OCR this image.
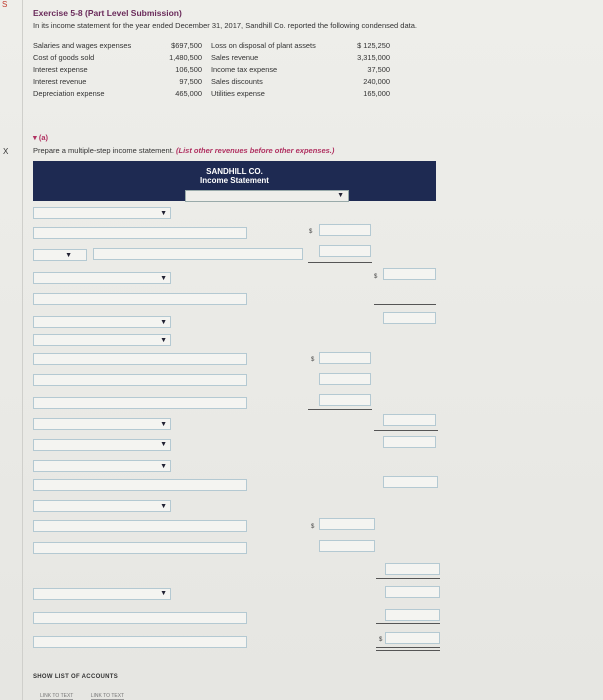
S
X
Exercise 5-8 (Part Level Submission)
In its income statement for the year ended December 31, 2017, Sandhill Co. reported the following condensed data.
Salaries and wages expenses
Cost of goods sold
Interest expense
Interest revenue
Depreciation expense
$697,500
1,480,500
106,500
97,500
465,000
Loss on disposal of plant assets
Sales revenue
Income tax expense
Sales discounts
Utilities expense
$ 125,250
3,315,000
37,500
240,000
165,000
▾ (a)
Prepare a multiple-step income statement. (List other revenues before other expenses.)
SANDHILL CO.
Income Statement
▼
▼
$
▼
▼	$
▼
▼
$
▼
▼
▼
▼
$
▼
$
SHOW LIST OF ACCOUNTS
LINK TO TEXT	LINK TO TEXT
